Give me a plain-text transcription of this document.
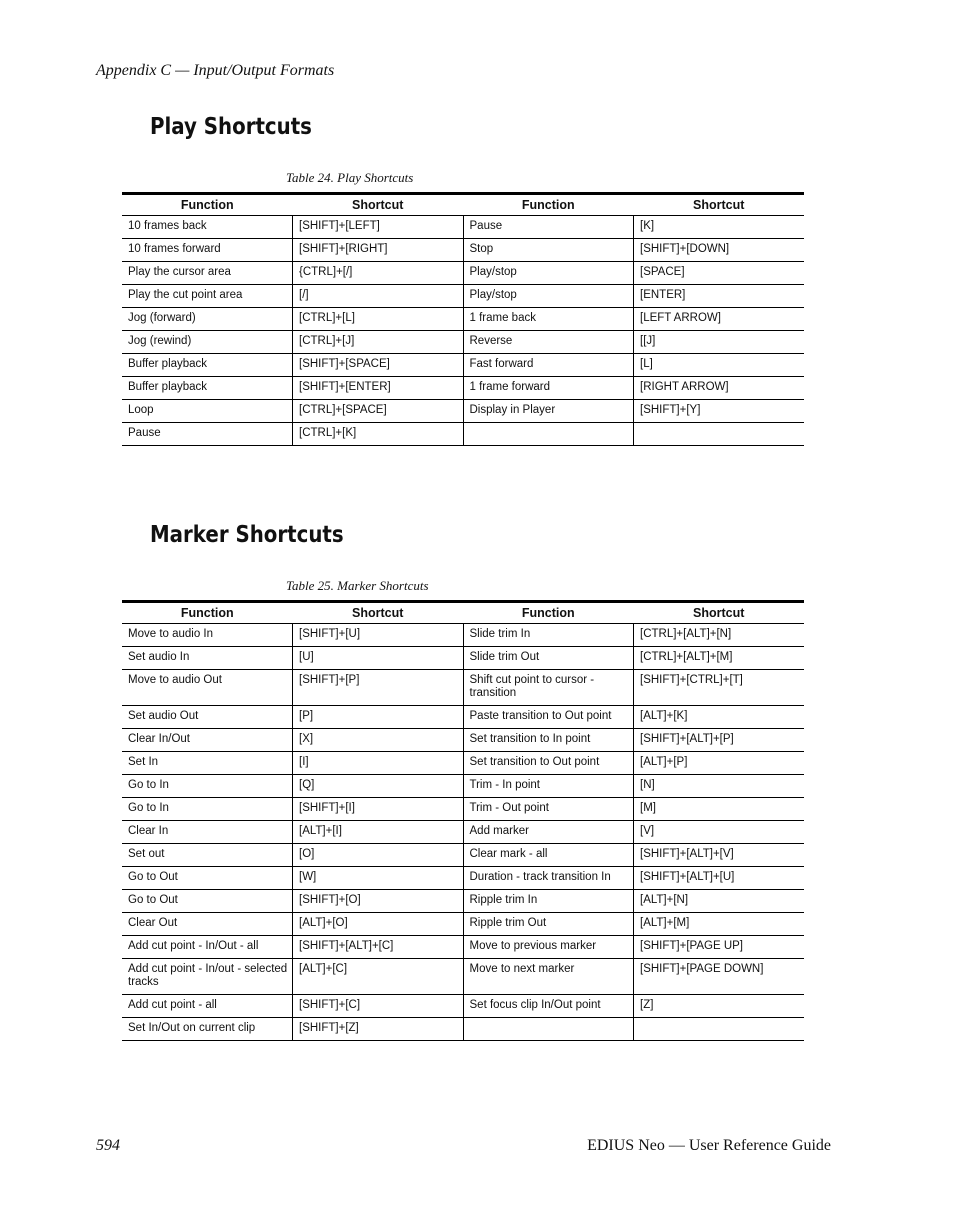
Appendix C — Input/Output Formats
Play Shortcuts
Table 24. Play Shortcuts
Function	Shortcut	Function	Shortcut
10 frames back	[SHIFT]+[LEFT]	Pause	[K]
10 frames forward	[SHIFT]+[RIGHT]	Stop	[SHIFT]+[DOWN]
Play the cursor area	{CTRL]+[/]	Play/stop	[SPACE]
Play the cut point area	[/]	Play/stop	[ENTER]
Jog (forward)	[CTRL]+[L]	1 frame back	[LEFT ARROW]
Jog (rewind)	[CTRL]+[J]	Reverse	[[J]
Buffer playback	[SHIFT]+[SPACE]	Fast forward	[L]
Buffer playback	[SHIFT]+[ENTER]	1 frame forward	[RIGHT ARROW]
Loop	[CTRL]+[SPACE]	Display in Player	[SHIFT]+[Y]
Pause	[CTRL]+[K]		
Marker Shortcuts
Table 25. Marker Shortcuts
Function	Shortcut	Function	Shortcut
Move to audio In	[SHIFT]+[U]	Slide trim In	[CTRL]+[ALT]+[N]
Set audio In	[U]	Slide trim Out	[CTRL]+[ALT]+[M]
Move to audio Out	[SHIFT]+[P]	Shift cut point to cursor - transition	[SHIFT]+[CTRL]+[T]
Set audio Out	[P]	Paste transition to Out point	[ALT]+[K]
Clear In/Out	[X]	Set transition to In point	[SHIFT]+[ALT]+[P]
Set In	[I]	Set transition to Out point	[ALT]+[P]
Go to In	[Q]	Trim - In point	[N]
Go to In	[SHIFT]+[I]	Trim - Out point	[M]
Clear In	[ALT]+[I]	Add marker	[V]
Set out	[O]	Clear mark - all	[SHIFT]+[ALT]+[V]
Go to Out	[W]	Duration - track transition In	[SHIFT]+[ALT]+[U]
Go to Out	[SHIFT]+[O]	Ripple trim In	[ALT]+[N]
Clear Out	[ALT]+[O]	Ripple trim Out	[ALT]+[M]
Add cut point - In/Out - all	[SHIFT]+[ALT]+[C]	Move to previous marker	[SHIFT]+[PAGE UP]
Add cut point - In/out - selected tracks	[ALT]+[C]	Move to next marker	[SHIFT]+[PAGE DOWN]
Add cut point - all	[SHIFT]+[C]	Set focus clip In/Out point	[Z]
Set In/Out on current clip	[SHIFT]+[Z]		
594	EDIUS Neo — User Reference Guide
